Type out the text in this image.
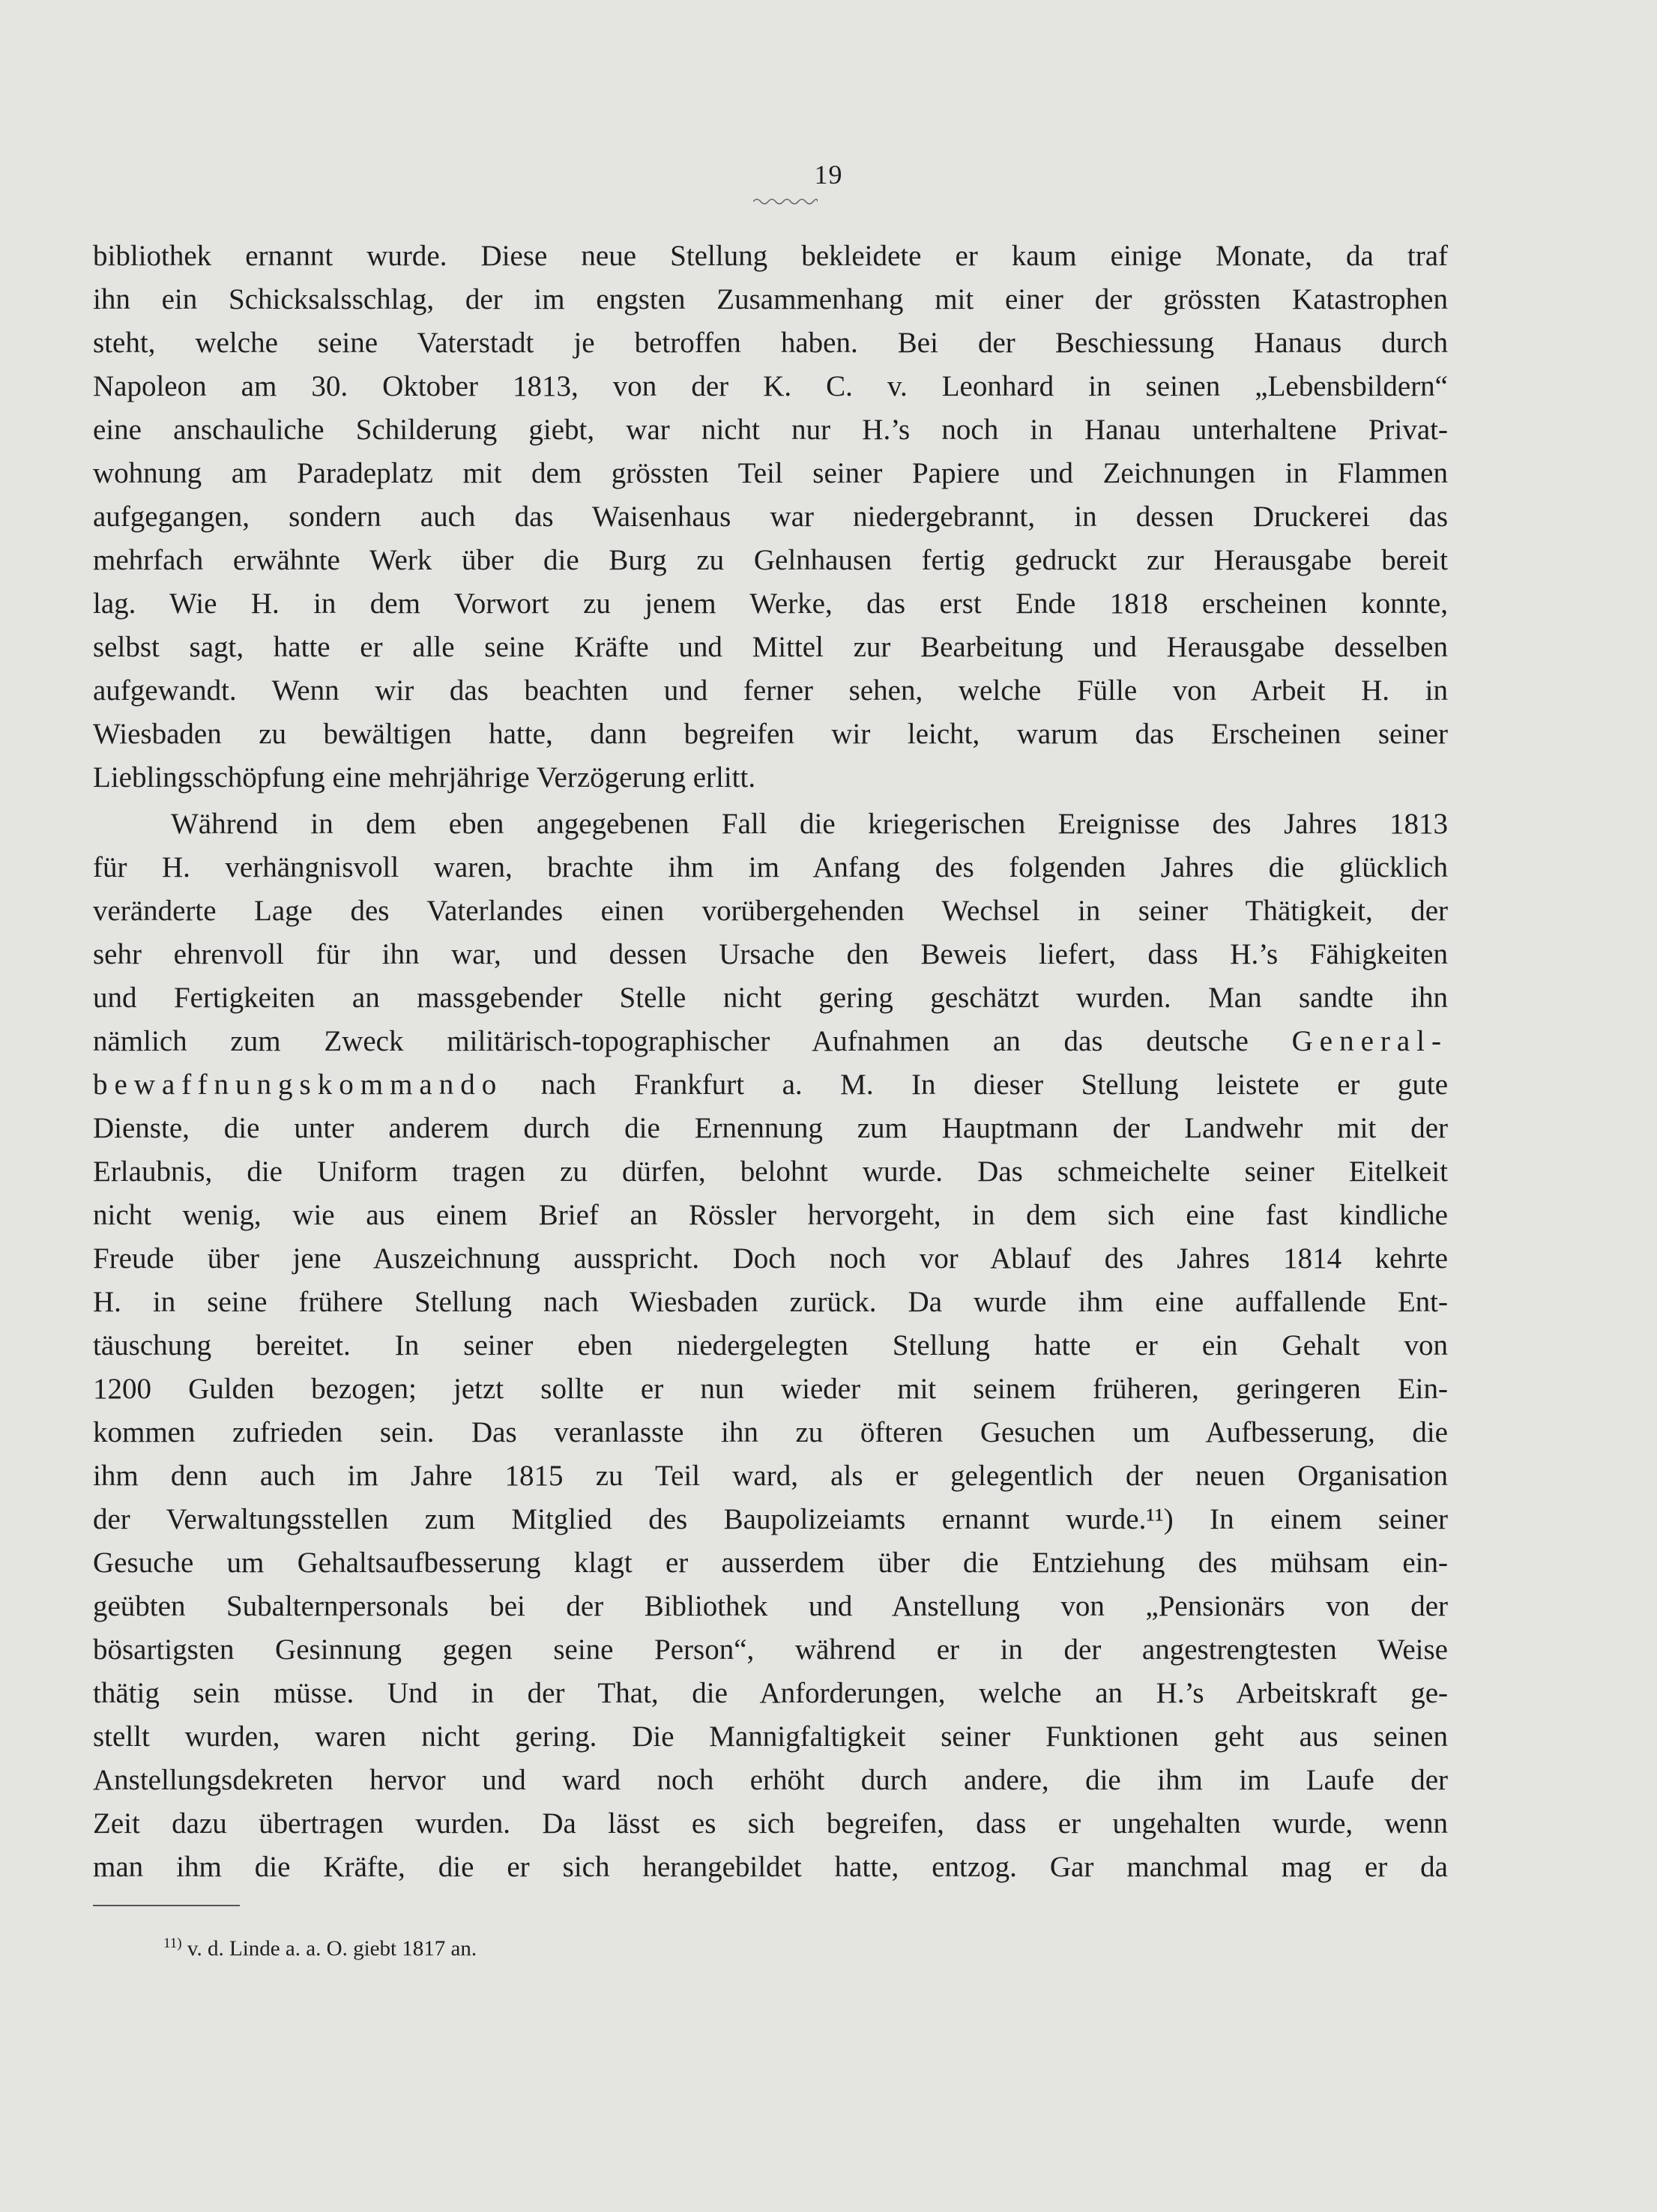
19
bibliothek ernannt wurde. Diese neue Stellung bekleidete er kaum einige Monate, da traf
ihn ein Schicksalsschlag, der im engsten Zusammenhang mit einer der grössten Katastrophen
steht, welche seine Vaterstadt je betroffen haben. Bei der Beschiessung Hanaus durch
Napoleon am 30. Oktober 1813, von der K. C. v. Leonhard in seinen „Lebensbildern“
eine anschauliche Schilderung giebt, war nicht nur H.’s noch in Hanau unterhaltene Privat-
wohnung am Paradeplatz mit dem grössten Teil seiner Papiere und Zeichnungen in Flammen
aufgegangen, sondern auch das Waisenhaus war niedergebrannt, in dessen Druckerei das
mehrfach erwähnte Werk über die Burg zu Gelnhausen fertig gedruckt zur Herausgabe bereit
lag. Wie H. in dem Vorwort zu jenem Werke, das erst Ende 1818 erscheinen konnte,
selbst sagt, hatte er alle seine Kräfte und Mittel zur Bearbeitung und Herausgabe desselben
aufgewandt. Wenn wir das beachten und ferner sehen, welche Fülle von Arbeit H. in
Wiesbaden zu bewältigen hatte, dann begreifen wir leicht, warum das Erscheinen seiner
Lieblingsschöpfung eine mehrjährige Verzögerung erlitt.
Während in dem eben angegebenen Fall die kriegerischen Ereignisse des Jahres 1813
für H. verhängnisvoll waren, brachte ihm im Anfang des folgenden Jahres die glücklich
veränderte Lage des Vaterlandes einen vorübergehenden Wechsel in seiner Thätigkeit, der
sehr ehrenvoll für ihn war, und dessen Ursache den Beweis liefert, dass H.’s Fähigkeiten
und Fertigkeiten an massgebender Stelle nicht gering geschätzt wurden. Man sandte ihn
nämlich zum Zweck militärisch-topographischer Aufnahmen an das deutsche General-
bewaffnungskommando nach Frankfurt a. M. In dieser Stellung leistete er gute
Dienste, die unter anderem durch die Ernennung zum Hauptmann der Landwehr mit der
Erlaubnis, die Uniform tragen zu dürfen, belohnt wurde. Das schmeichelte seiner Eitelkeit
nicht wenig, wie aus einem Brief an Rössler hervorgeht, in dem sich eine fast kindliche
Freude über jene Auszeichnung ausspricht. Doch noch vor Ablauf des Jahres 1814 kehrte
H. in seine frühere Stellung nach Wiesbaden zurück. Da wurde ihm eine auffallende Ent-
täuschung bereitet. In seiner eben niedergelegten Stellung hatte er ein Gehalt von
1200 Gulden bezogen; jetzt sollte er nun wieder mit seinem früheren, geringeren Ein-
kommen zufrieden sein. Das veranlasste ihn zu öfteren Gesuchen um Aufbesserung, die
ihm denn auch im Jahre 1815 zu Teil ward, als er gelegentlich der neuen Organisation
der Verwaltungsstellen zum Mitglied des Baupolizeiamts ernannt wurde.¹¹) In einem seiner
Gesuche um Gehaltsaufbesserung klagt er ausserdem über die Entziehung des mühsam ein-
geübten Subalternpersonals bei der Bibliothek und Anstellung von „Pensionärs von der
bösartigsten Gesinnung gegen seine Person“, während er in der angestrengtesten Weise
thätig sein müsse. Und in der That, die Anforderungen, welche an H.’s Arbeitskraft ge-
stellt wurden, waren nicht gering. Die Mannigfaltigkeit seiner Funktionen geht aus seinen
Anstellungsdekreten hervor und ward noch erhöht durch andere, die ihm im Laufe der
Zeit dazu übertragen wurden. Da lässt es sich begreifen, dass er ungehalten wurde, wenn
man ihm die Kräfte, die er sich herangebildet hatte, entzog. Gar manchmal mag er da
$^{11)}$ v. d. Linde a. a. O. giebt 1817 an.
